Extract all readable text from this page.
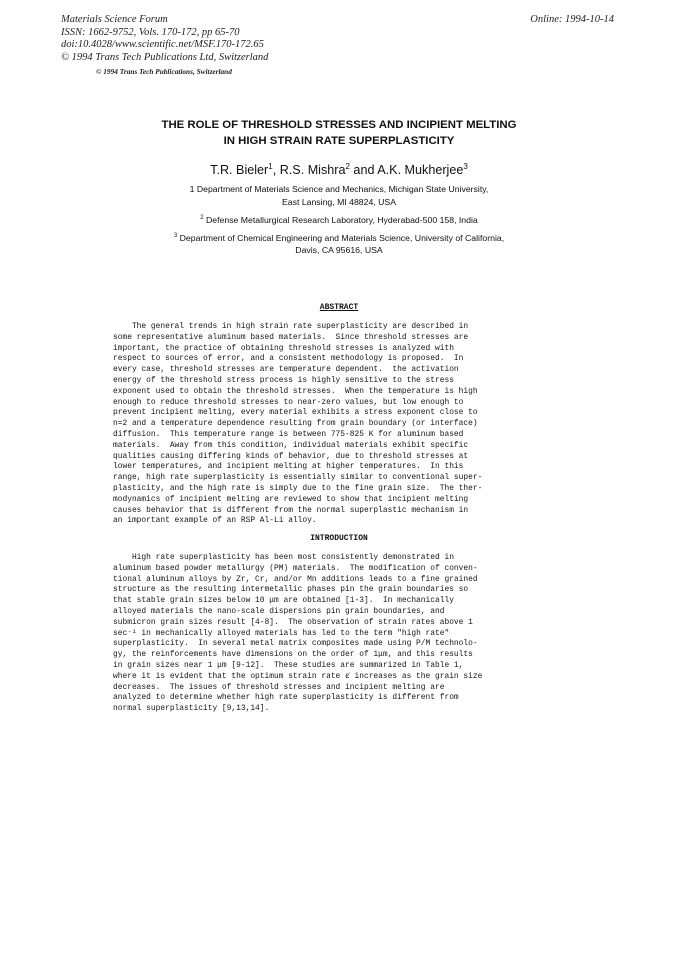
Materials Science Forum
ISSN: 1662-9752, Vols. 170-172, pp 65-70
doi:10.4028/www.scientific.net/MSF.170-172.65
© 1994 Trans Tech Publications Ltd, Switzerland
Online: 1994-10-14
© 1994 Trans Tech Publications, Switzerland
THE ROLE OF THRESHOLD STRESSES AND INCIPIENT MELTING
IN HIGH STRAIN RATE SUPERPLASTICITY
T.R. Bieler$^1$, R.S. Mishra$^2$ and A.K. Mukherjee$^3$
1 Department of Materials Science and Mechanics, Michigan State University,
East Lansing, MI 48824, USA
$^2$ Defense Metallurgical Research Laboratory, Hyderabad-500 158, India
$^3$ Department of Chemical Engineering and Materials Science, University of California,
Davis, CA 95616, USA
ABSTRACT
The general trends in high strain rate superplasticity are described in
some representative aluminum based materials.  Since threshold stresses are
important, the practice of obtaining threshold stresses is analyzed with
respect to sources of error, and a consistent methodology is proposed.  In
every case, threshold stresses are temperature dependent.  the activation
energy of the threshold stress process is highly sensitive to the stress
exponent used to obtain the threshold stresses.  When the temperature is high
enough to reduce threshold stresses to near-zero values, but low enough to
prevent incipient melting, every material exhibits a stress exponent close to
n=2 and a temperature dependence resulting from grain boundary (or interface)
diffusion.  This temperature range is between 775-825 K for aluminum based
materials.  Away from this condition, individual materials exhibit specific
qualities causing differing kinds of behavior, due to threshold stresses at
lower temperatures, and incipient melting at higher temperatures.  In this
range, high rate superplasticity is essentially similar to conventional super-
plasticity, and the high rate is simply due to the fine grain size.  The ther-
modynamics of incipient melting are reviewed to show that incipient melting
causes behavior that is different from the normal superplastic mechanism in
an important example of an RSP Al-Li alloy.
INTRODUCTION
High rate superplasticity has been most consistently demonstrated in
aluminum based powder metallurgy (PM) materials.  The modification of conven-
tional aluminum alloys by Zr, Cr, and/or Mn additions leads to a fine grained
structure as the resulting intermetallic phases pin the grain boundaries so
that stable grain sizes below 10 μm are obtained [1-3].  In mechanically
alloyed materials the nano-scale dispersions pin grain boundaries, and
submicron grain sizes result [4-8].  The observation of strain rates above 1
sec⁻¹ in mechanically alloyed materials has led to the term "high rate"
superplasticity.  In several metal matrix composites made using P/M technolo-
gy, the reinforcements have dimensions on the order of 1μm, and this results
in grain sizes near 1 μm [9-12].  These studies are summarized in Table 1,
where it is evident that the optimum strain rate ε̇ increases as the grain size
decreases.  The issues of threshold stresses and incipient melting are
analyzed to determine whether high rate superplasticity is different from
normal superplasticity [9,13,14].
